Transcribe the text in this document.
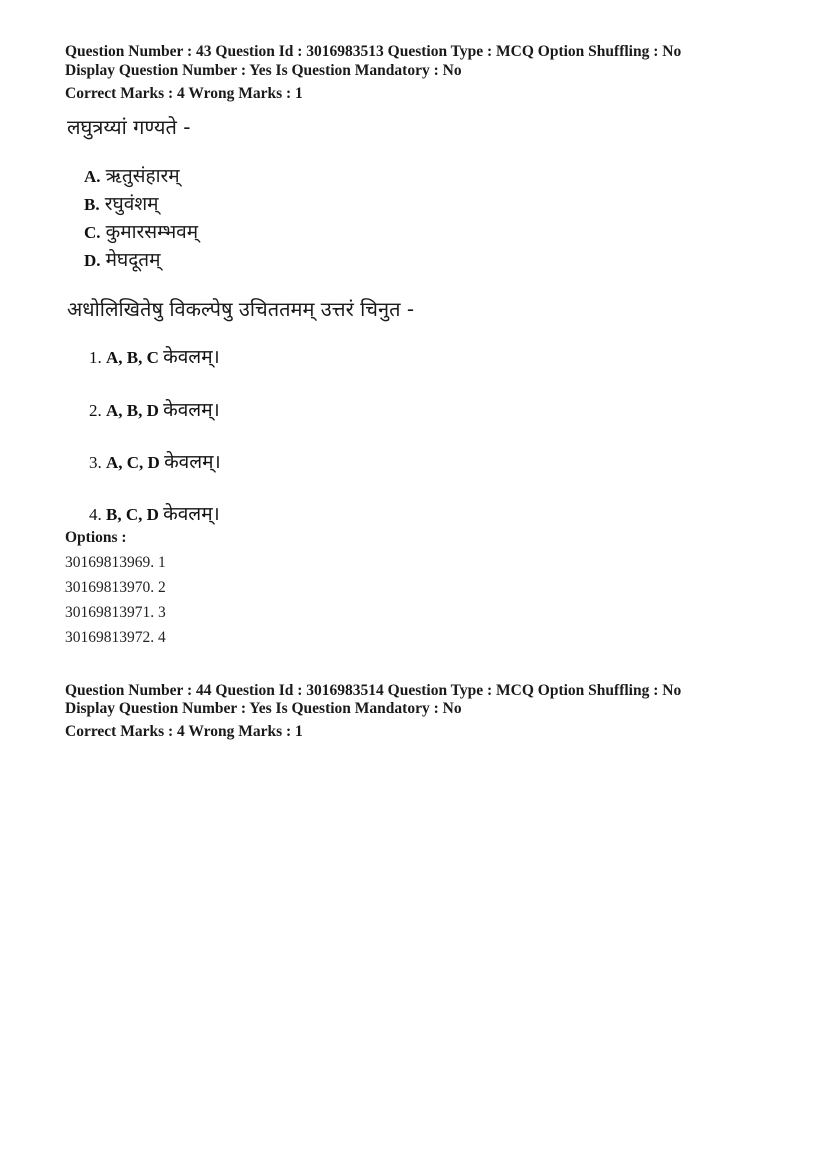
Question Number : 43 Question Id : 3016983513 Question Type : MCQ Option Shuffling : No
Display Question Number : Yes Is Question Mandatory : No
Correct Marks : 4 Wrong Marks : 1
लघुत्रय्यां गण्यते -
A. ऋतुसंहारम्
B. रघुवंशम्
C. कुमारसम्भवम्
D. मेघदूतम्
अधोलिखितेषु विकल्पेषु उचिततमम् उत्तरं चिनुत -
1. A, B, C केवलम्।
2. A, B, D केवलम्।
3. A, C, D केवलम्।
4. B, C, D केवलम्।
Options :
30169813969. 1
30169813970. 2
30169813971. 3
30169813972. 4
Question Number : 44 Question Id : 3016983514 Question Type : MCQ Option Shuffling : No
Display Question Number : Yes Is Question Mandatory : No
Correct Marks : 4 Wrong Marks : 1
